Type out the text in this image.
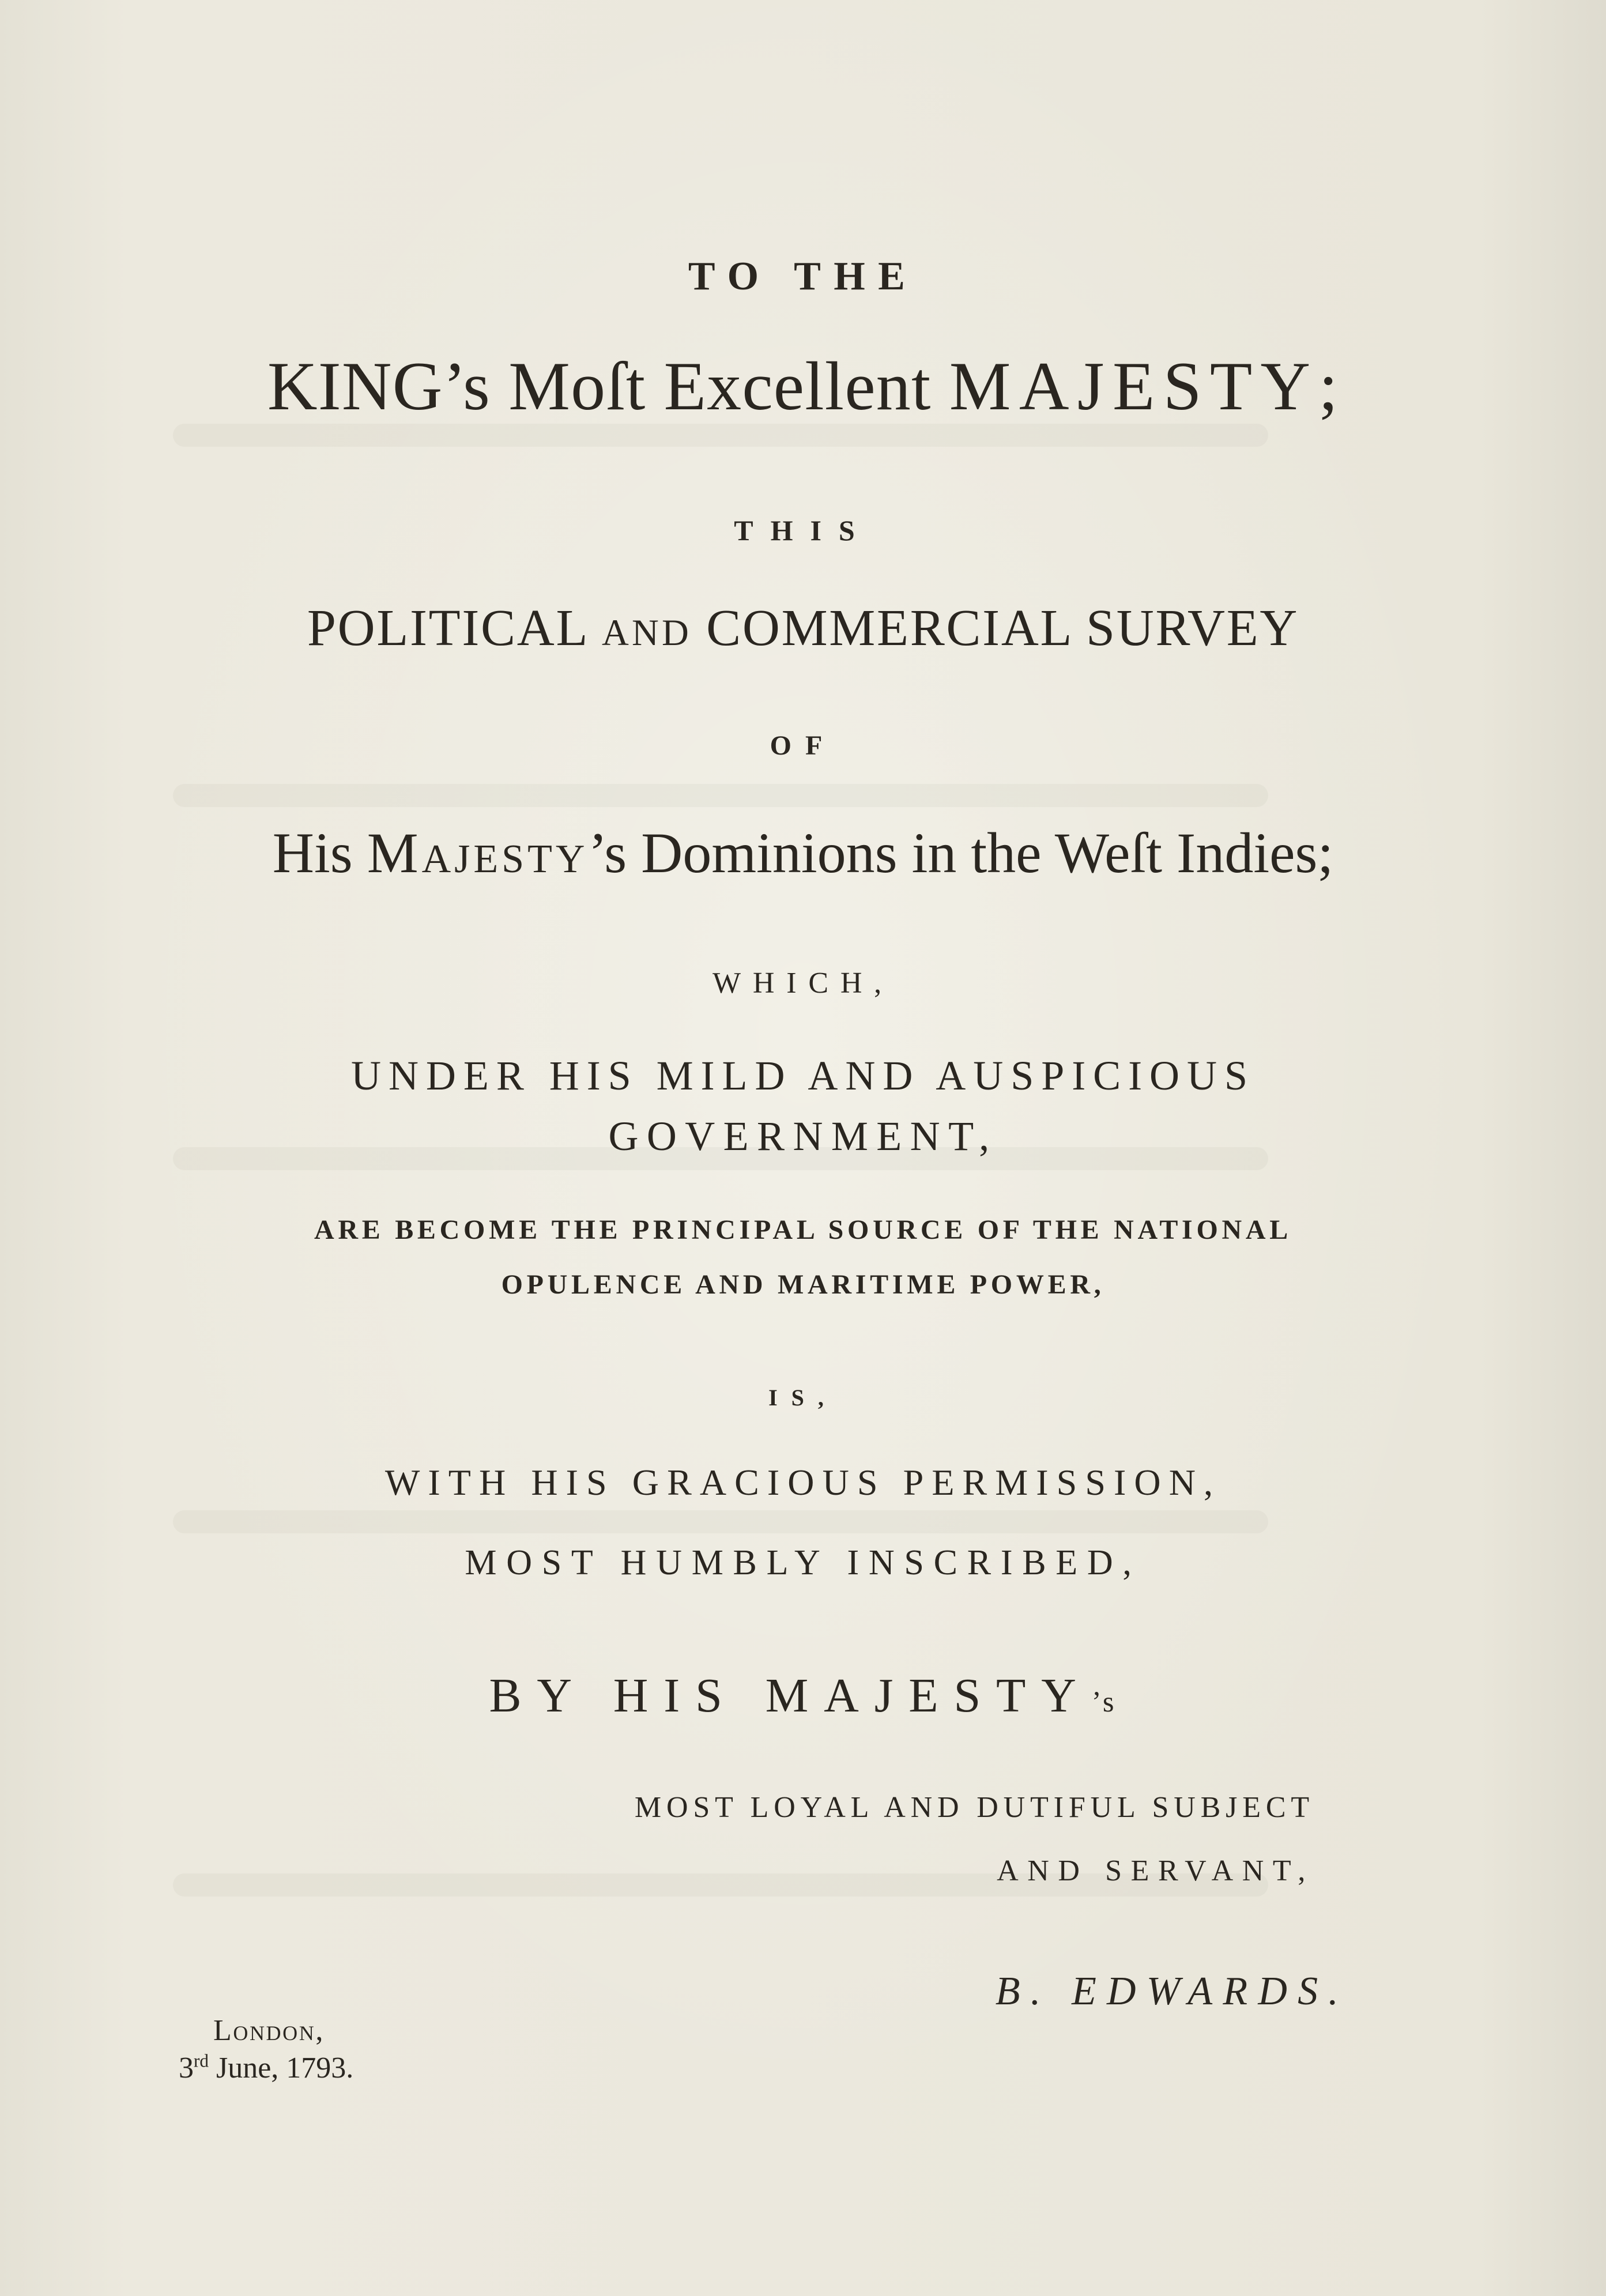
TO THE
KING’s Moſt Excellent MAJESTY;
THIS
POLITICAL AND COMMERCIAL SURVEY
OF
His Majesty’s Dominions in the Weſt Indies;
WHICH,
UNDER HIS MILD AND AUSPICIOUS
GOVERNMENT,
ARE BECOME THE PRINCIPAL SOURCE OF THE NATIONAL
OPULENCE AND MARITIME POWER,
IS,
WITH HIS GRACIOUS PERMISSION,
MOST HUMBLY INSCRIBED,
BY HIS MAJESTY’s
MOST LOYAL AND DUTIFUL SUBJECT
AND SERVANT,
B. EDWARDS.
London,
3rd June, 1793.
